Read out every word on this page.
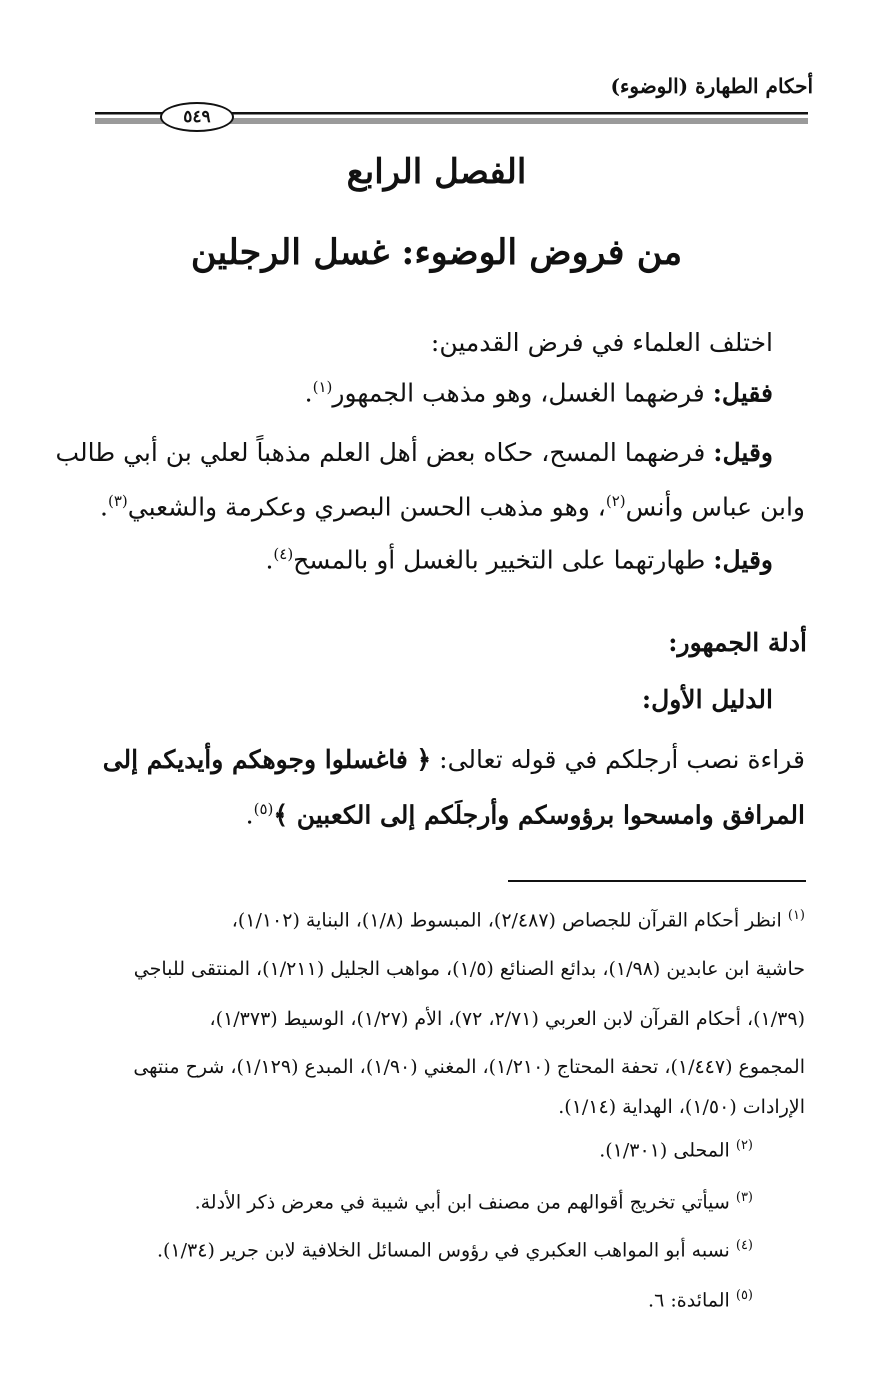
أحكام الطهارة (الوضوء)
٥٤٩
الفصل الرابع
من فروض الوضوء: غسل الرجلين
اختلف العلماء في فرض القدمين:
فقيل: فرضهما الغسل، وهو مذهب الجمهور$^{(١)}$.
وقيل: فرضهما المسح، حكاه بعض أهل العلم مذهباً لعلي بن أبي طالب
وابن عباس وأنس$^{(٢)}$، وهو مذهب الحسن البصري وعكرمة والشعبي$^{(٣)}$.
وقيل: طهارتهما على التخيير بالغسل أو بالمسح$^{(٤)}$.
أدلة الجمهور:
الدليل الأول:
قراءة نصب أرجلكم في قوله تعالى: ﴿ فاغسلوا وجوهكم وأيديكم إلى
المرافق وامسحوا برؤوسكم وأرجلَكم إلى الكعبين ﴾$^{(٥)}$.
$^{(١)}$ انظر أحكام القرآن للجصاص (٢/٤٨٧)، المبسوط (١/٨)، البناية (١/١٠٢)،
حاشية ابن عابدين (١/٩٨)، بدائع الصنائع (١/٥)، مواهب الجليل (١/٢١١)، المنتقى للباجي
(١/٣٩)، أحكام القرآن لابن العربي (٢/٧١، ٧٢)، الأم (١/٢٧)، الوسيط (١/٣٧٣)،
المجموع (١/٤٤٧)، تحفة المحتاج (١/٢١٠)، المغني (١/٩٠)، المبدع (١/١٢٩)، شرح منتهى
الإرادات (١/٥٠)، الهداية (١/١٤).
$^{(٢)}$ المحلى (١/٣٠١).
$^{(٣)}$ سيأتي تخريج أقوالهم من مصنف ابن أبي شيبة في معرض ذكر الأدلة.
$^{(٤)}$ نسبه أبو المواهب العكبري في رؤوس المسائل الخلافية لابن جرير (١/٣٤).
$^{(٥)}$ المائدة: ٦.
